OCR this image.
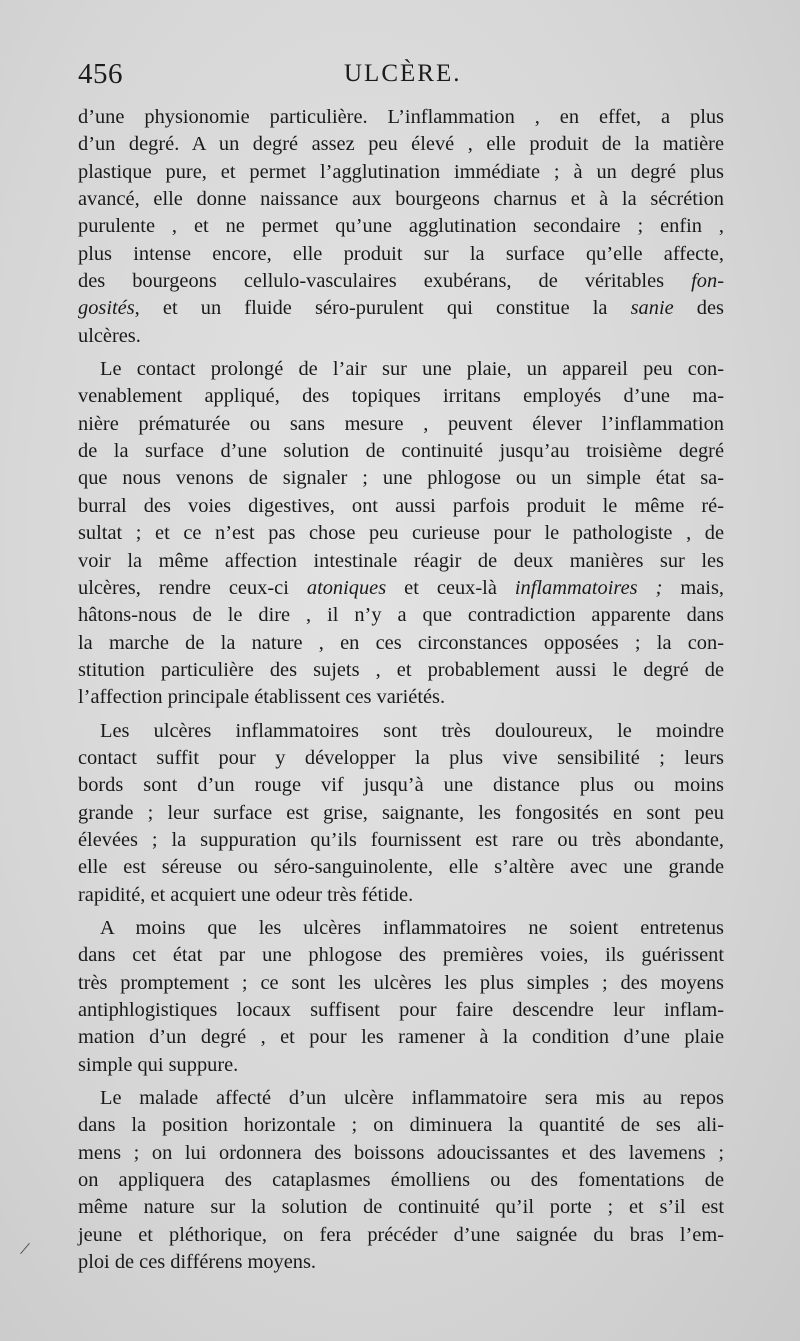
456	ULCÈRE.
d’une physionomie particulière. L’inflammation , en effet, a plus
d’un degré. A un degré assez peu élevé , elle produit de la matière
plastique pure, et permet l’agglutination immédiate ; à un degré plus
avancé, elle donne naissance aux bourgeons charnus et à la sécrétion
purulente , et ne permet qu’une agglutination secondaire ; enfin ,
plus intense encore, elle produit sur la surface qu’elle affecte,
des bourgeons cellulo-vasculaires exubérans, de véritables fon-
gosités, et un fluide séro-purulent qui constitue la sanie des
ulcères.
Le contact prolongé de l’air sur une plaie, un appareil peu con-
venablement appliqué, des topiques irritans employés d’une ma-
nière prématurée ou sans mesure , peuvent élever l’inflammation
de la surface d’une solution de continuité jusqu’au troisième degré
que nous venons de signaler ; une phlogose ou un simple état sa-
burral des voies digestives, ont aussi parfois produit le même ré-
sultat ; et ce n’est pas chose peu curieuse pour le pathologiste , de
voir la même affection intestinale réagir de deux manières sur les
ulcères, rendre ceux-ci atoniques et ceux-là inflammatoires ; mais,
hâtons-nous de le dire , il n’y a que contradiction apparente dans
la marche de la nature , en ces circonstances opposées ; la con-
stitution particulière des sujets , et probablement aussi le degré de
l’affection principale établissent ces variétés.
Les ulcères inflammatoires sont très douloureux, le moindre
contact suffit pour y développer la plus vive sensibilité ; leurs
bords sont d’un rouge vif jusqu’à une distance plus ou moins
grande ; leur surface est grise, saignante, les fongosités en sont peu
élevées ; la suppuration qu’ils fournissent est rare ou très abondante,
elle est séreuse ou séro-sanguinolente, elle s’altère avec une grande
rapidité, et acquiert une odeur très fétide.
A moins que les ulcères inflammatoires ne soient entretenus
dans cet état par une phlogose des premières voies, ils guérissent
très promptement ; ce sont les ulcères les plus simples ; des moyens
antiphlogistiques locaux suffisent pour faire descendre leur inflam-
mation d’un degré , et pour les ramener à la condition d’une plaie
simple qui suppure.
Le malade affecté d’un ulcère inflammatoire sera mis au repos
dans la position horizontale ; on diminuera la quantité de ses ali-
mens ; on lui ordonnera des boissons adoucissantes et des lavemens ;
on appliquera des cataplasmes émolliens ou des fomentations de
même nature sur la solution de continuité qu’il porte ; et s’il est
jeune et pléthorique, on fera précéder d’une saignée du bras l’em-
ploi de ces différens moyens.
